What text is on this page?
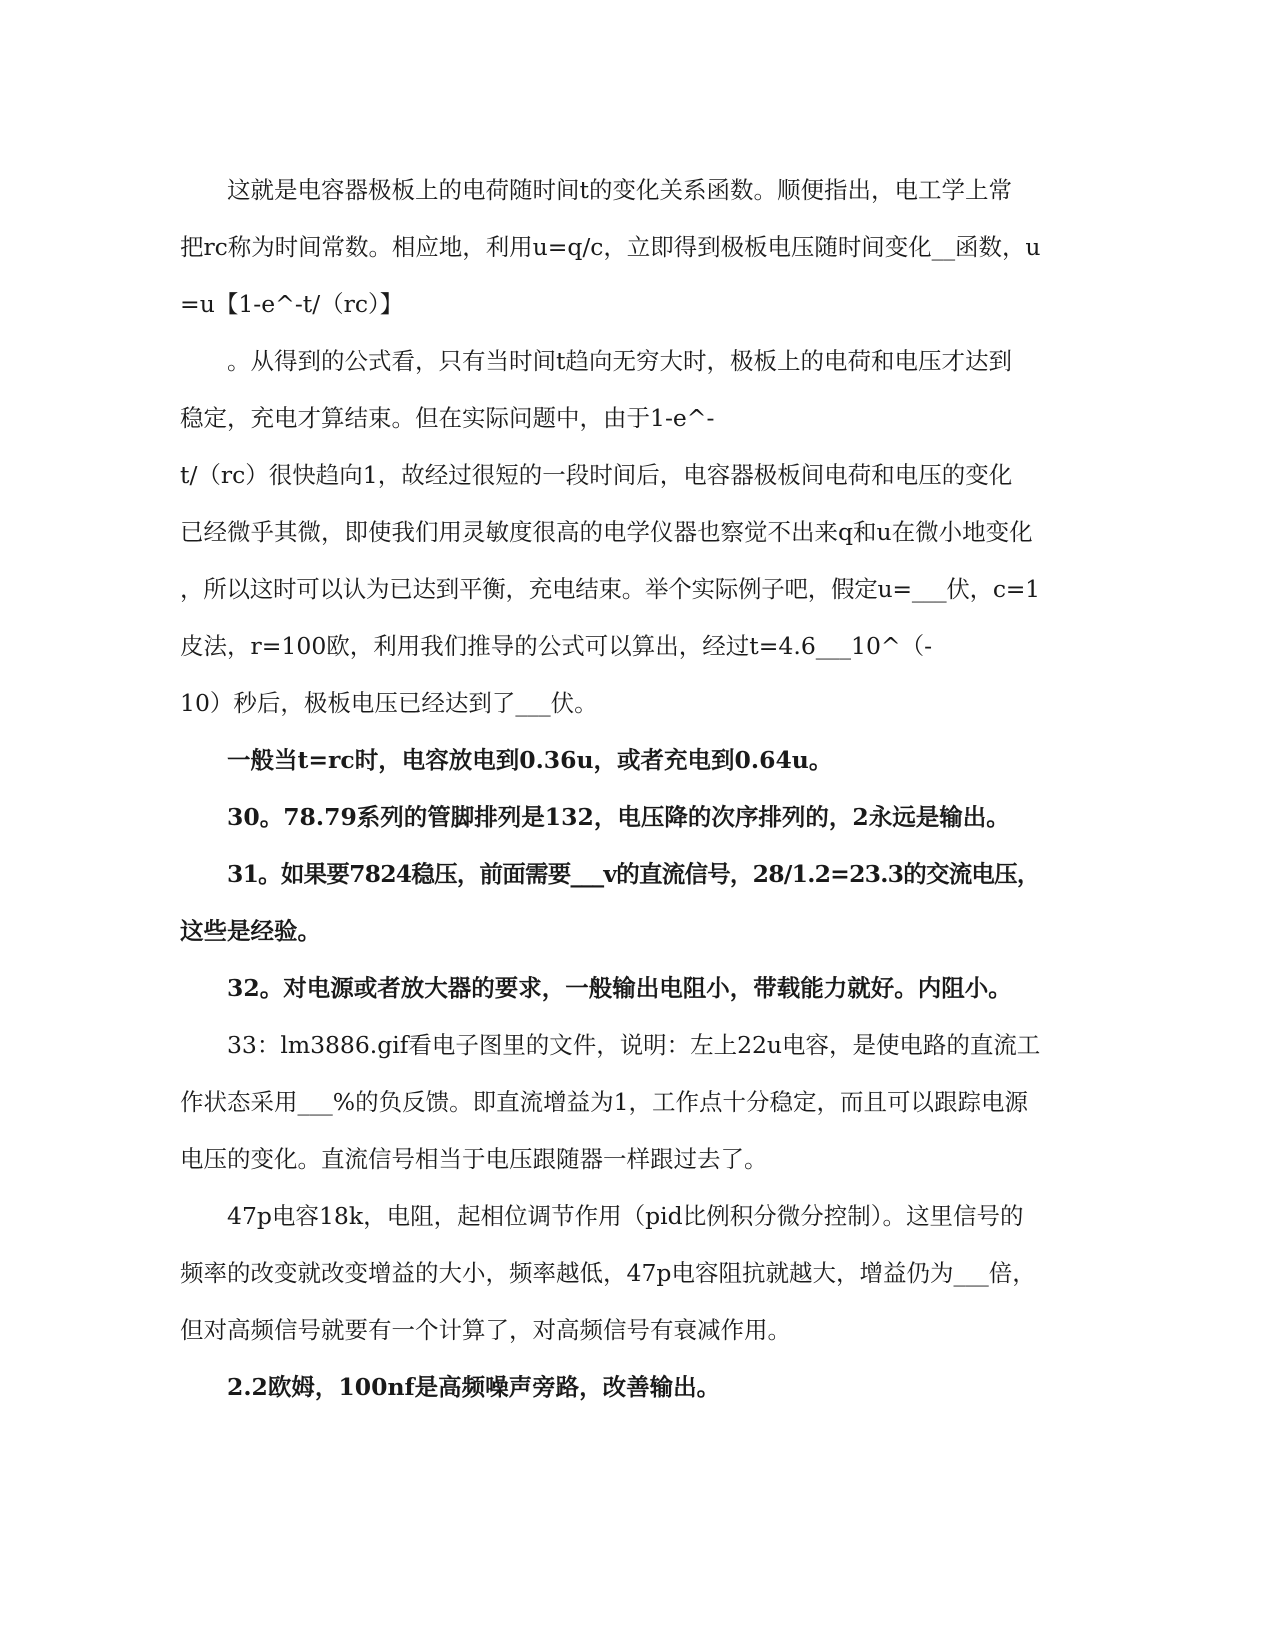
这就是电容器极板上的电荷随时间t的变化关系函数。顺便指出，电工学上常
把rc称为时间常数。相应地，利用u=q/c，立即得到极板电压随时间变化__函数，u
=u【1-e^-t/（rc）】
。从得到的公式看，只有当时间t趋向无穷大时，极板上的电荷和电压才达到
稳定，充电才算结束。但在实际问题中，由于1-e^-
t/（rc）很快趋向1，故经过很短的一段时间后，电容器极板间电荷和电压的变化
已经微乎其微，即使我们用灵敏度很高的电学仪器也察觉不出来q和u在微小地变化
，所以这时可以认为已达到平衡，充电结束。举个实际例子吧，假定u=___伏，c=1
皮法，r=100欧，利用我们推导的公式可以算出，经过t=4.6___10^（-
10）秒后，极板电压已经达到了___伏。
一般当t=rc时，电容放电到0.36u，或者充电到0.64u。
30。78.79系列的管脚排列是132，电压降的次序排列的，2永远是输出。
31。如果要7824稳压，前面需要___v的直流信号，28/1.2=23.3的交流电压，
这些是经验。
32。对电源或者放大器的要求，一般输出电阻小，带载能力就好。内阻小。
33：lm3886.gif看电子图里的文件，说明：左上22u电容，是使电路的直流工
作状态采用___%的负反馈。即直流增益为1，工作点十分稳定，而且可以跟踪电源
电压的变化。直流信号相当于电压跟随器一样跟过去了。
47p电容18k，电阻，起相位调节作用（pid比例积分微分控制）。这里信号的
频率的改变就改变增益的大小，频率越低，47p电容阻抗就越大，增益仍为___倍，
但对高频信号就要有一个计算了，对高频信号有衰减作用。
2.2欧姆，100nf是高频噪声旁路，改善输出。
